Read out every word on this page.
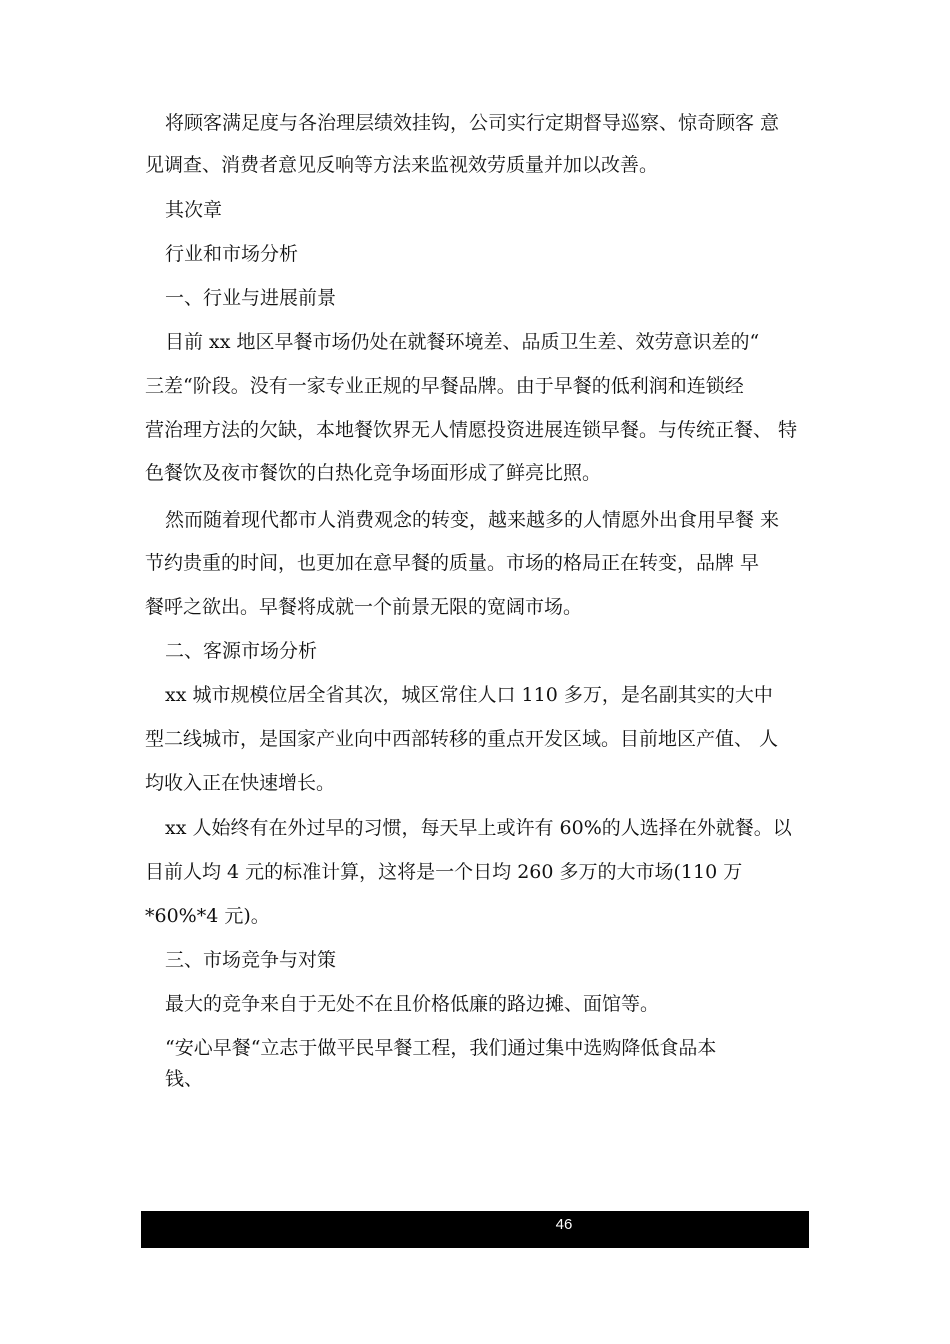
将顾客满足度与各治理层绩效挂钩，公司实行定期督导巡察、惊奇顾客 意
见调查、消费者意见反响等方法来监视效劳质量并加以改善。
其次章
行业和市场分析
一、行业与进展前景
目前 xx 地区早餐市场仍处在就餐环境差、品质卫生差、效劳意识差的“
三差“阶段。没有一家专业正规的早餐品牌。由于早餐的低利润和连锁经
营治理方法的欠缺，本地餐饮界无人情愿投资进展连锁早餐。与传统正餐、 特
色餐饮及夜市餐饮的白热化竞争场面形成了鲜亮比照。
然而随着现代都市人消费观念的转变，越来越多的人情愿外出食用早餐 来
节约贵重的时间，也更加在意早餐的质量。市场的格局正在转变，品牌 早
餐呼之欲出。早餐将成就一个前景无限的宽阔市场。
二、客源市场分析
xx 城市规模位居全省其次，城区常住人口 110 多万，是名副其实的大中
型二线城市，是国家产业向中西部转移的重点开发区域。目前地区产值、 人
均收入正在快速增长。
xx 人始终有在外过早的习惯，每天早上或许有 60%的人选择在外就餐。以
目前人均 4 元的标准计算，这将是一个日均 260 多万的大市场(110 万
*60%*4 元)。
三、市场竞争与对策
最大的竞争来自于无处不在且价格低廉的路边摊、面馆等。
“安心早餐“立志于做平民早餐工程，我们通过集中选购降低食品本
钱、
46
